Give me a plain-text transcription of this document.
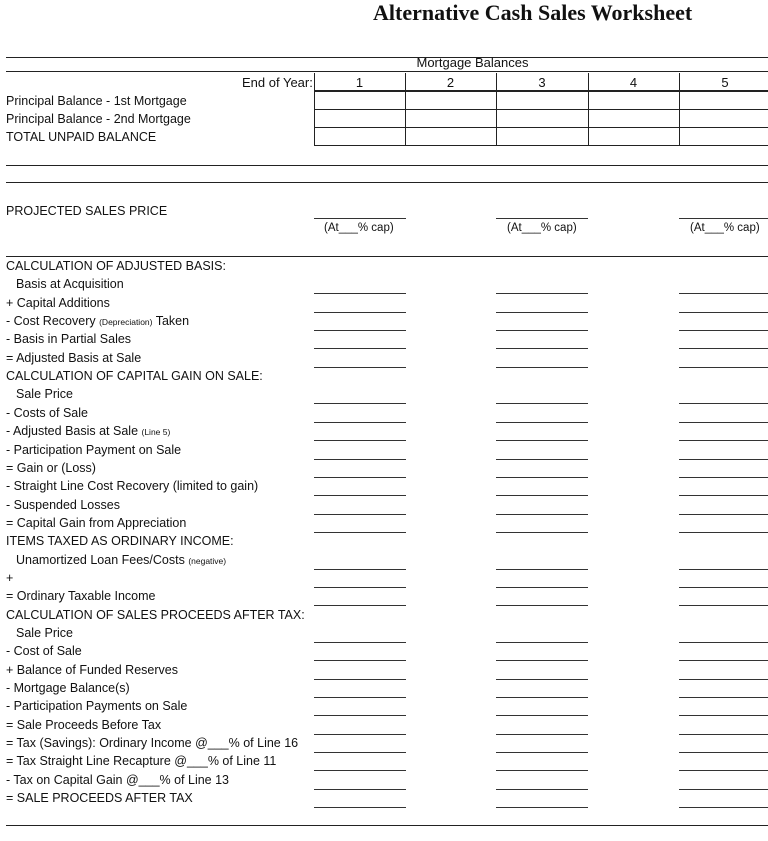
Alternative Cash Sales Worksheet
Mortgage Balances
End of Year:	1	2	3	4	5
Principal Balance - 1st Mortgage
Principal Balance - 2nd Mortgage
TOTAL UNPAID BALANCE
PROJECTED SALES PRICE
(At___% cap)	(At___% cap)	(At___% cap)
CALCULATION OF ADJUSTED BASIS:
Basis at Acquisition
+ Capital Additions
- Cost Recovery (Depreciation) Taken
- Basis in Partial Sales
= Adjusted Basis at Sale
CALCULATION OF CAPITAL GAIN ON SALE:
Sale Price
- Costs of Sale
- Adjusted Basis at Sale (Line 5)
- Participation Payment on Sale
= Gain or (Loss)
- Straight Line Cost Recovery (limited to gain)
- Suspended Losses
= Capital Gain from Appreciation
ITEMS TAXED AS ORDINARY INCOME:
Unamortized Loan Fees/Costs (negative)
+
= Ordinary Taxable Income
CALCULATION OF SALES PROCEEDS AFTER TAX:
Sale Price
- Cost of Sale
+ Balance of Funded Reserves
- Mortgage Balance(s)
- Participation Payments on Sale
= Sale Proceeds Before Tax
= Tax (Savings): Ordinary Income @___% of Line 16
= Tax Straight Line Recapture @___% of Line 11
- Tax on Capital Gain @___% of Line 13
= SALE PROCEEDS AFTER TAX
